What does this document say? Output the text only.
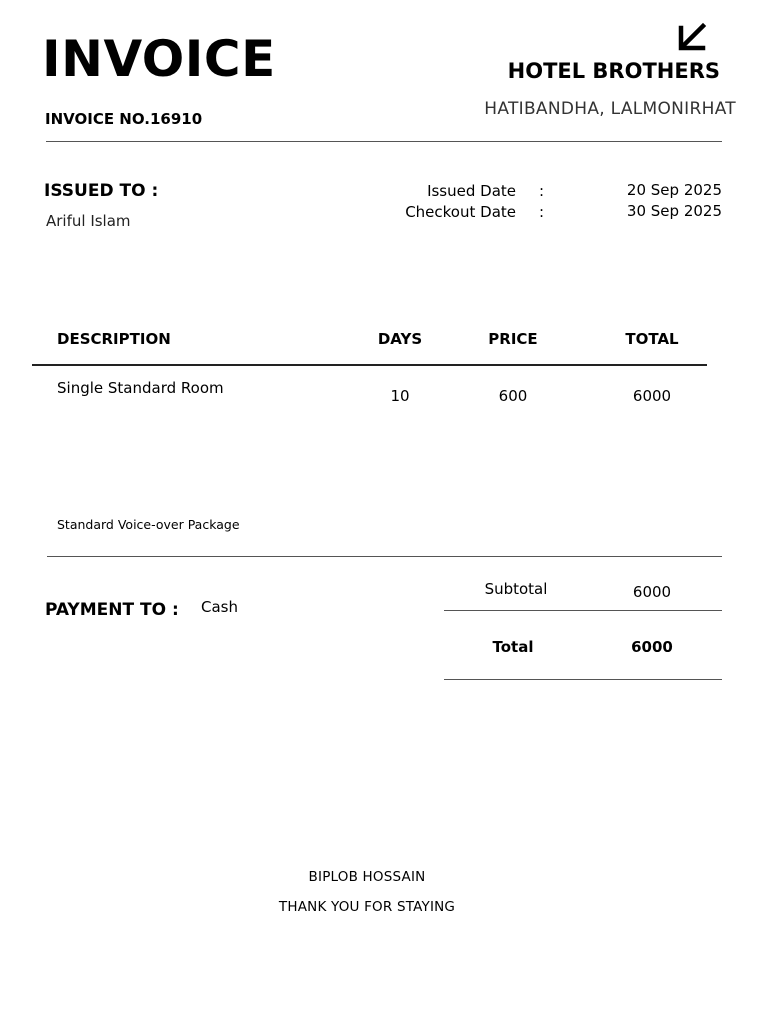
INVOICE
INVOICE NO.16910
HOTEL BROTHERS
HATIBANDHA, LALMONIRHAT
ISSUED TO :
Ariful Islam
Issued Date :	20 Sep 2025
Checkout Date :	30 Sep 2025
DESCRIPTION	DAYS	PRICE	TOTAL
Single Standard Room	10	600	6000
Standard Voice-over Package
PAYMENT TO : Cash
Subtotal	6000
Total	6000
BIPLOB HOSSAIN
THANK YOU FOR STAYING
